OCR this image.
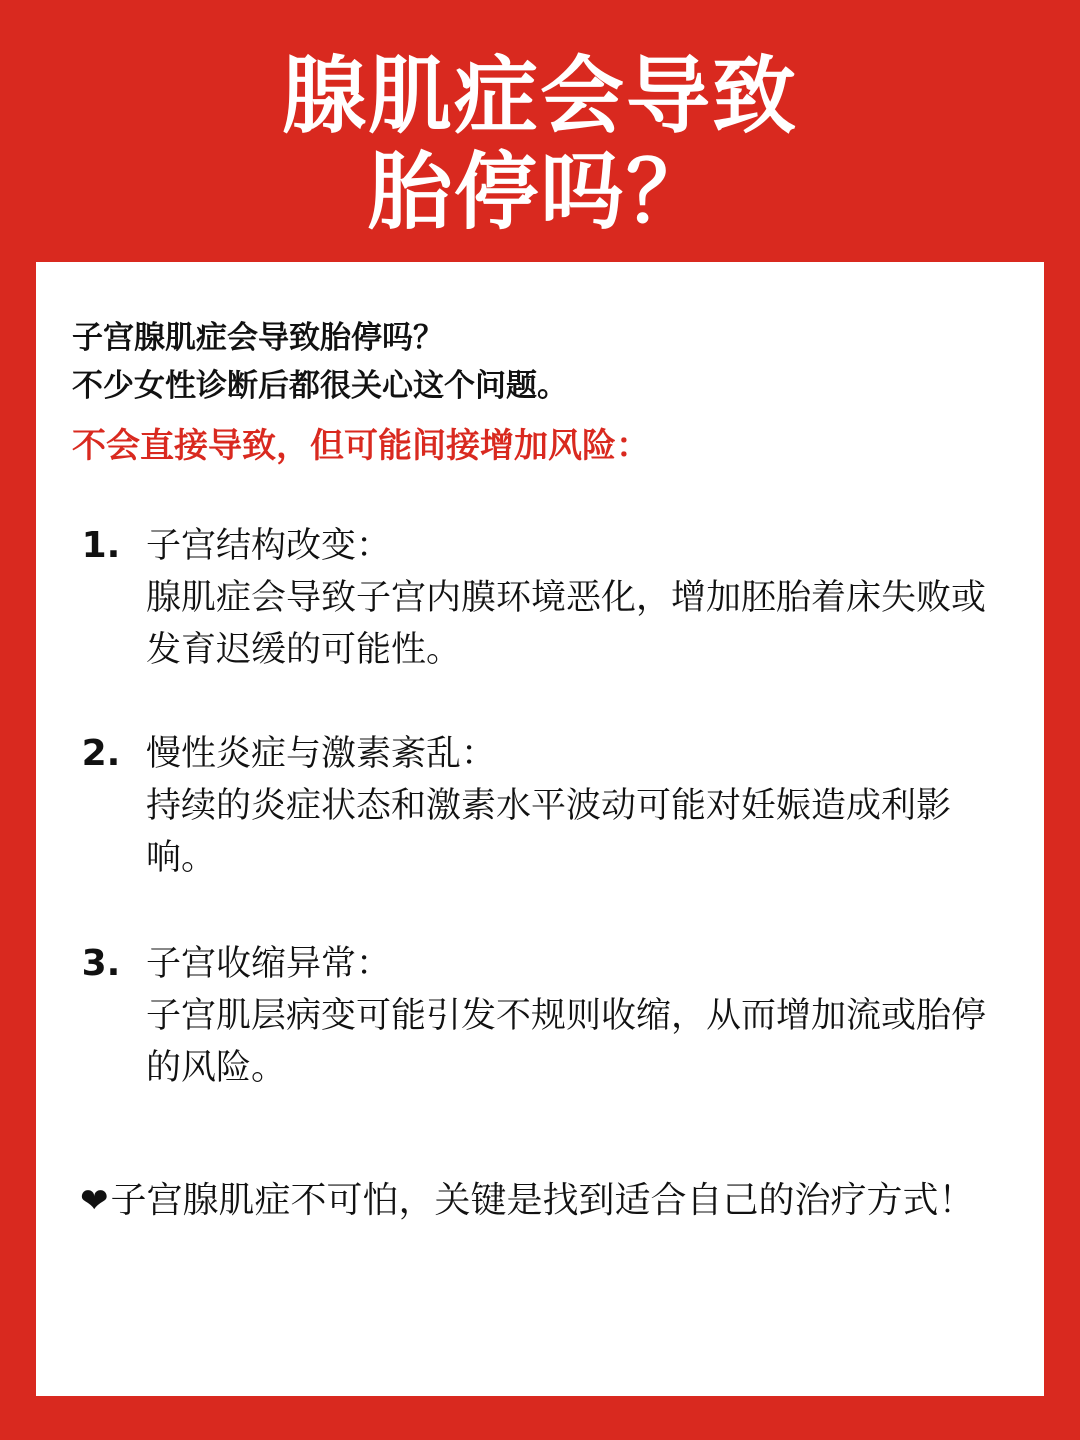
腺肌症会导致
胎停吗？
子宫腺肌症会导致胎停吗？
不少女性诊断后都很关心这个问题。
不会直接导致，但可能间接增加风险：
1. 子宫结构改变：
腺肌症会导致子宫内膜环境恶化，增加胚胎着床失败或发育迟缓的可能性。
2. 慢性炎症与激素紊乱：
持续的炎症状态和激素水平波动可能对妊娠造成利影响。
3. 子宫收缩异常：
子宫肌层病变可能引发不规则收缩，从而增加流或胎停的风险。
❤子宫腺肌症不可怕，关键是找到适合自己的治疗方式！
